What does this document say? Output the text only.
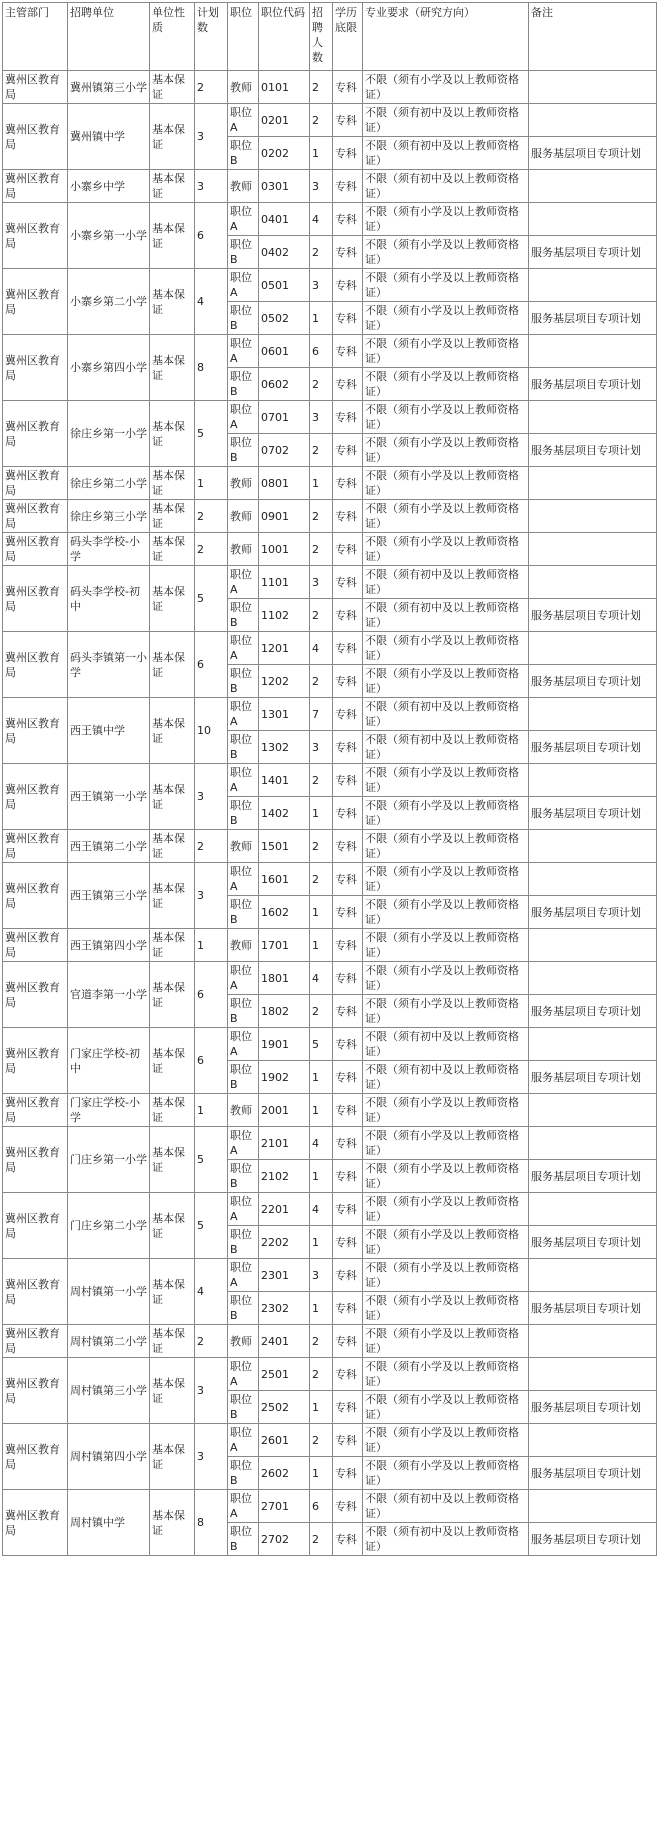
主管部门	招聘单位	单位性质	计划数	职位	职位代码	招聘人数	学历底限	专业要求（研究方向）	备注
冀州区教育局	冀州镇第三小学	基本保证	2	教师	0101	2	专科	不限（须有小学及以上教师资格证）	
冀州区教育局	冀州镇中学	基本保证	3	职位A	0201	2	专科	不限（须有初中及以上教师资格证）	
				职位B	0202	1	专科	不限（须有初中及以上教师资格证）	服务基层项目专项计划
冀州区教育局	小寨乡中学	基本保证	3	教师	0301	3	专科	不限（须有初中及以上教师资格证）	
冀州区教育局	小寨乡第一小学	基本保证	6	职位A	0401	4	专科	不限（须有小学及以上教师资格证）	
				职位B	0402	2	专科	不限（须有小学及以上教师资格证）	服务基层项目专项计划
冀州区教育局	小寨乡第二小学	基本保证	4	职位A	0501	3	专科	不限（须有小学及以上教师资格证）	
				职位B	0502	1	专科	不限（须有小学及以上教师资格证）	服务基层项目专项计划
冀州区教育局	小寨乡第四小学	基本保证	8	职位A	0601	6	专科	不限（须有小学及以上教师资格证）	
				职位B	0602	2	专科	不限（须有小学及以上教师资格证）	服务基层项目专项计划
冀州区教育局	徐庄乡第一小学	基本保证	5	职位A	0701	3	专科	不限（须有小学及以上教师资格证）	
				职位B	0702	2	专科	不限（须有小学及以上教师资格证）	服务基层项目专项计划
冀州区教育局	徐庄乡第二小学	基本保证	1	教师	0801	1	专科	不限（须有小学及以上教师资格证）	
冀州区教育局	徐庄乡第三小学	基本保证	2	教师	0901	2	专科	不限（须有小学及以上教师资格证）	
冀州区教育局	码头李学校-小学	基本保证	2	教师	1001	2	专科	不限（须有小学及以上教师资格证）	
冀州区教育局	码头李学校-初中	基本保证	5	职位A	1101	3	专科	不限（须有初中及以上教师资格证）	
				职位B	1102	2	专科	不限（须有初中及以上教师资格证）	服务基层项目专项计划
冀州区教育局	码头李镇第一小学	基本保证	6	职位A	1201	4	专科	不限（须有小学及以上教师资格证）	
				职位B	1202	2	专科	不限（须有小学及以上教师资格证）	服务基层项目专项计划
冀州区教育局	西王镇中学	基本保证	10	职位A	1301	7	专科	不限（须有初中及以上教师资格证）	
				职位B	1302	3	专科	不限（须有初中及以上教师资格证）	服务基层项目专项计划
冀州区教育局	西王镇第一小学	基本保证	3	职位A	1401	2	专科	不限（须有小学及以上教师资格证）	
				职位B	1402	1	专科	不限（须有小学及以上教师资格证）	服务基层项目专项计划
冀州区教育局	西王镇第二小学	基本保证	2	教师	1501	2	专科	不限（须有小学及以上教师资格证）	
冀州区教育局	西王镇第三小学	基本保证	3	职位A	1601	2	专科	不限（须有小学及以上教师资格证）	
				职位B	1602	1	专科	不限（须有小学及以上教师资格证）	服务基层项目专项计划
冀州区教育局	西王镇第四小学	基本保证	1	教师	1701	1	专科	不限（须有小学及以上教师资格证）	
冀州区教育局	官道李第一小学	基本保证	6	职位A	1801	4	专科	不限（须有小学及以上教师资格证）	
				职位B	1802	2	专科	不限（须有小学及以上教师资格证）	服务基层项目专项计划
冀州区教育局	门家庄学校-初中	基本保证	6	职位A	1901	5	专科	不限（须有初中及以上教师资格证）	
				职位B	1902	1	专科	不限（须有初中及以上教师资格证）	服务基层项目专项计划
冀州区教育局	门家庄学校-小学	基本保证	1	教师	2001	1	专科	不限（须有小学及以上教师资格证）	
冀州区教育局	门庄乡第一小学	基本保证	5	职位A	2101	4	专科	不限（须有小学及以上教师资格证）	
				职位B	2102	1	专科	不限（须有小学及以上教师资格证）	服务基层项目专项计划
冀州区教育局	门庄乡第二小学	基本保证	5	职位A	2201	4	专科	不限（须有小学及以上教师资格证）	
				职位B	2202	1	专科	不限（须有小学及以上教师资格证）	服务基层项目专项计划
冀州区教育局	周村镇第一小学	基本保证	4	职位A	2301	3	专科	不限（须有小学及以上教师资格证）	
				职位B	2302	1	专科	不限（须有小学及以上教师资格证）	服务基层项目专项计划
冀州区教育局	周村镇第二小学	基本保证	2	教师	2401	2	专科	不限（须有小学及以上教师资格证）	
冀州区教育局	周村镇第三小学	基本保证	3	职位A	2501	2	专科	不限（须有小学及以上教师资格证）	
				职位B	2502	1	专科	不限（须有小学及以上教师资格证）	服务基层项目专项计划
冀州区教育局	周村镇第四小学	基本保证	3	职位A	2601	2	专科	不限（须有小学及以上教师资格证）	
				职位B	2602	1	专科	不限（须有小学及以上教师资格证）	服务基层项目专项计划
冀州区教育局	周村镇中学	基本保证	8	职位A	2701	6	专科	不限（须有初中及以上教师资格证）	
				职位B	2702	2	专科	不限（须有初中及以上教师资格证）	服务基层项目专项计划
